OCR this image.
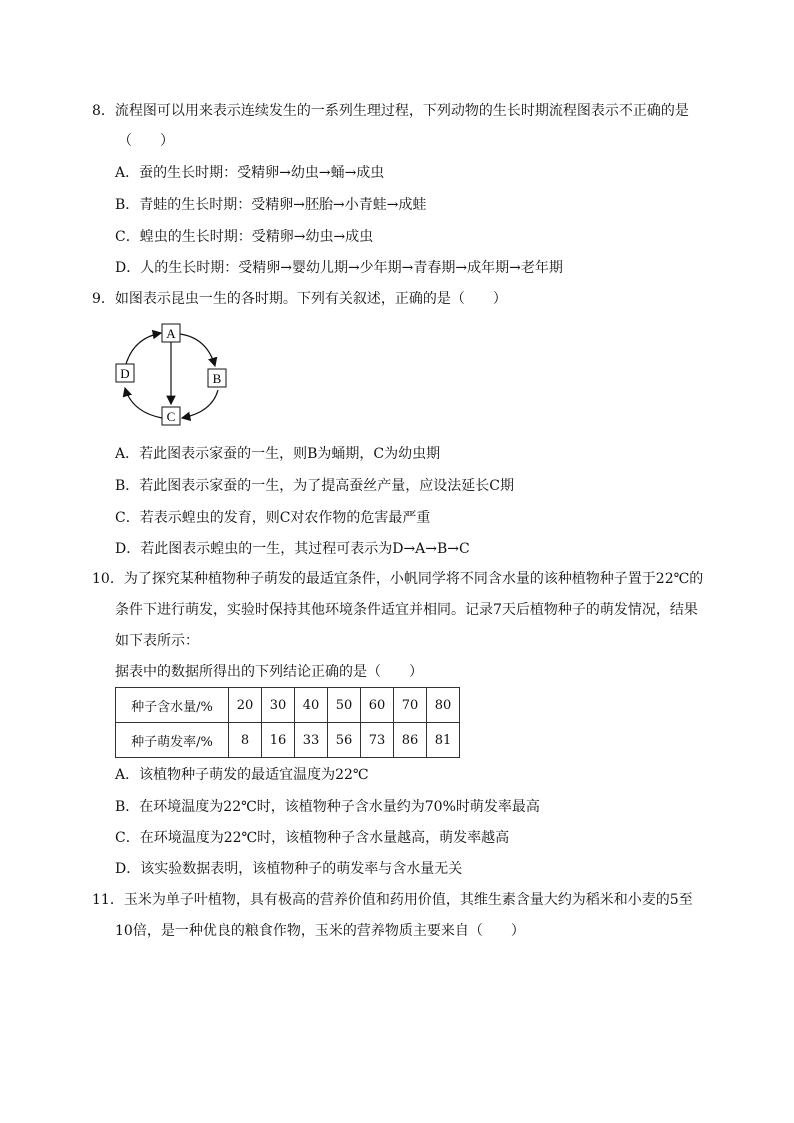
8．流程图可以用来表示连续发生的一系列生理过程，下列动物的生长时期流程图表示不正确的是
（　　）
A．蚕的生长时期：受精卵→幼虫→蛹→成虫
B．青蛙的生长时期：受精卵→胚胎→小青蛙→成蛙
C．蝗虫的生长时期：受精卵→幼虫→成虫
D．人的生长时期：受精卵→婴幼儿期→少年期→青春期→成年期→老年期
9．如图表示昆虫一生的各时期。下列有关叙述，正确的是（　　）
A
B
C
D
A．若此图表示家蚕的一生，则B为蛹期，C为幼虫期
B．若此图表示家蚕的一生，为了提高蚕丝产量，应设法延长C期
C．若表示蝗虫的发育，则C对农作物的危害最严重
D．若此图表示蝗虫的一生，其过程可表示为D→A→B→C
10．为了探究某种植物种子萌发的最适宜条件，小帆同学将不同含水量的该种植物种子置于22℃的
条件下进行萌发，实验时保持其他环境条件适宜并相同。记录7天后植物种子的萌发情况，结果
如下表所示：
据表中的数据所得出的下列结论正确的是（　　）
种子含水量/%	20	30	40	50	60	70	80
种子萌发率/%	8	16	33	56	73	86	81
A．该植物种子萌发的最适宜温度为22℃
B．在环境温度为22℃时，该植物种子含水量约为70%时萌发率最高
C．在环境温度为22℃时，该植物种子含水量越高，萌发率越高
D．该实验数据表明，该植物种子的萌发率与含水量无关
11．玉米为单子叶植物，具有极高的营养价值和药用价值，其维生素含量大约为稻米和小麦的5至
10倍，是一种优良的粮食作物，玉米的营养物质主要来自（　　）
